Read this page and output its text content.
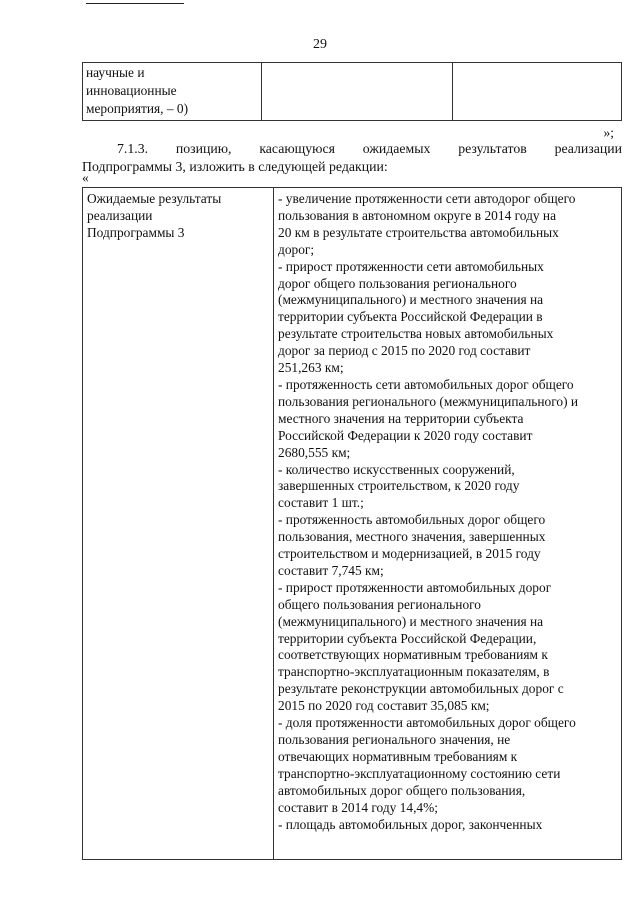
29
научные и
инновационные
мероприятия, – 0)

»;
7.1.3. позицию, касающуюся ожидаемых результатов реализации
Подпрограммы 3, изложить в следующей редакции:
«
Ожидаемые результаты
реализации
Подпрограммы 3

- увеличение протяженности сети автодорог общего
пользования в автономном округе в 2014 году на
20 км в результате строительства автомобильных
дорог;
- прирост протяженности сети автомобильных
дорог общего пользования регионального
(межмуниципального) и местного значения на
территории субъекта Российской Федерации в
результате строительства новых автомобильных
дорог за период с 2015 по 2020 год составит
251,263 км;
- протяженность сети автомобильных дорог общего
пользования регионального (межмуниципального) и
местного значения на территории субъекта
Российской Федерации к 2020 году составит
2680,555 км;
- количество искусственных сооружений,
завершенных строительством, к 2020 году
составит 1 шт.;
- протяженность автомобильных дорог общего
пользования, местного значения, завершенных
строительством и модернизацией, в 2015 году
составит 7,745 км;
- прирост протяженности автомобильных дорог
общего пользования регионального
(межмуниципального) и местного значения на
территории субъекта Российской Федерации,
соответствующих нормативным требованиям к
транспортно-эксплуатационным показателям, в
результате реконструкции автомобильных дорог с
2015 по 2020 год составит 35,085 км;
- доля протяженности автомобильных дорог общего
пользования регионального значения, не
отвечающих нормативным требованиям к
транспортно-эксплуатационному состоянию сети
автомобильных дорог общего пользования,
составит в 2014 году 14,4%;
- площадь автомобильных дорог, законченных
